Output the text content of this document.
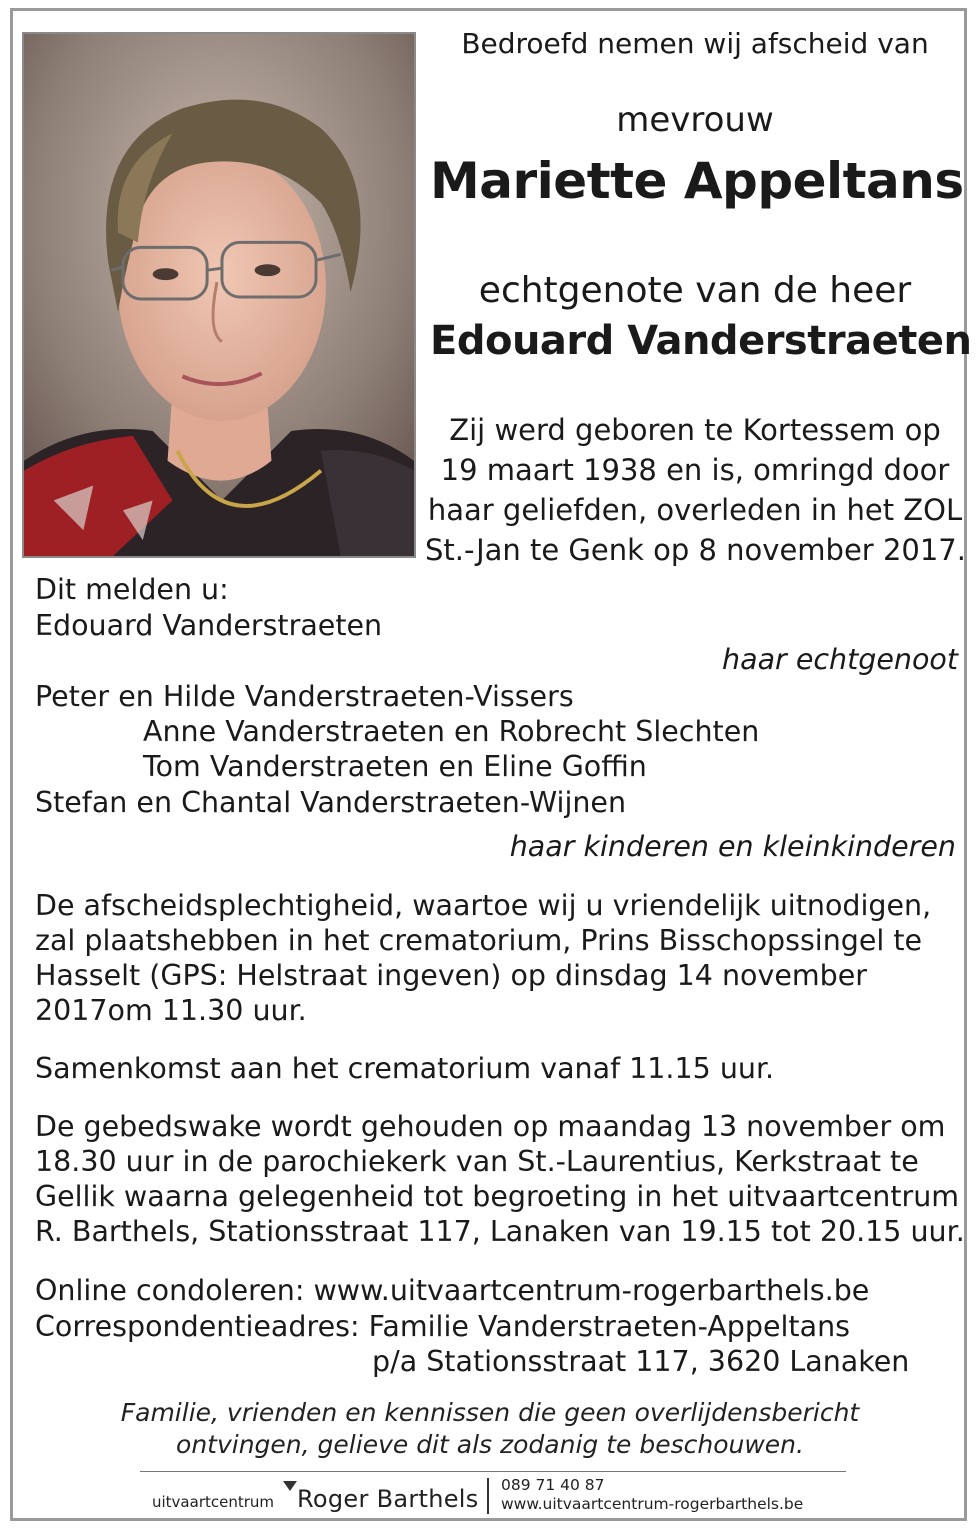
Bedroefd nemen wij afscheid van
mevrouw
Mariette Appeltans
echtgenote van de heer
Edouard Vanderstraeten
Zij werd geboren te Kortessem op
19 maart 1938 en is, omringd door
haar geliefden, overleden in het ZOL
St.-Jan te Genk op 8 november 2017.
Dit melden u:
Edouard Vanderstraeten
haar echtgenoot
Peter en Hilde Vanderstraeten-Vissers
Anne Vanderstraeten en Robrecht Slechten
Tom Vanderstraeten en Eline Goffin
Stefan en Chantal Vanderstraeten-Wijnen
haar kinderen en kleinkinderen
De afscheidsplechtigheid, waartoe wij u vriendelijk uitnodigen,
zal plaatshebben in het crematorium, Prins Bisschopssingel te
Hasselt (GPS: Helstraat ingeven) op dinsdag 14 november
2017om 11.30 uur.
Samenkomst aan het crematorium vanaf 11.15 uur.
De gebedswake wordt gehouden op maandag 13 november om
18.30 uur in de parochiekerk van St.-Laurentius, Kerkstraat te
Gellik waarna gelegenheid tot begroeting in het uitvaartcentrum
R. Barthels, Stationsstraat 117, Lanaken van 19.15 tot 20.15 uur.
Online condoleren: www.uitvaartcentrum-rogerbarthels.be
Correspondentieadres: Familie Vanderstraeten-Appeltans
p/a Stationsstraat 117, 3620 Lanaken
Familie, vrienden en kennissen die geen overlijdensbericht
ontvingen, gelieve dit als zodanig te beschouwen.
uitvaartcentrum Roger Barthels 089 71 40 87
www.uitvaartcentrum-rogerbarthels.be
